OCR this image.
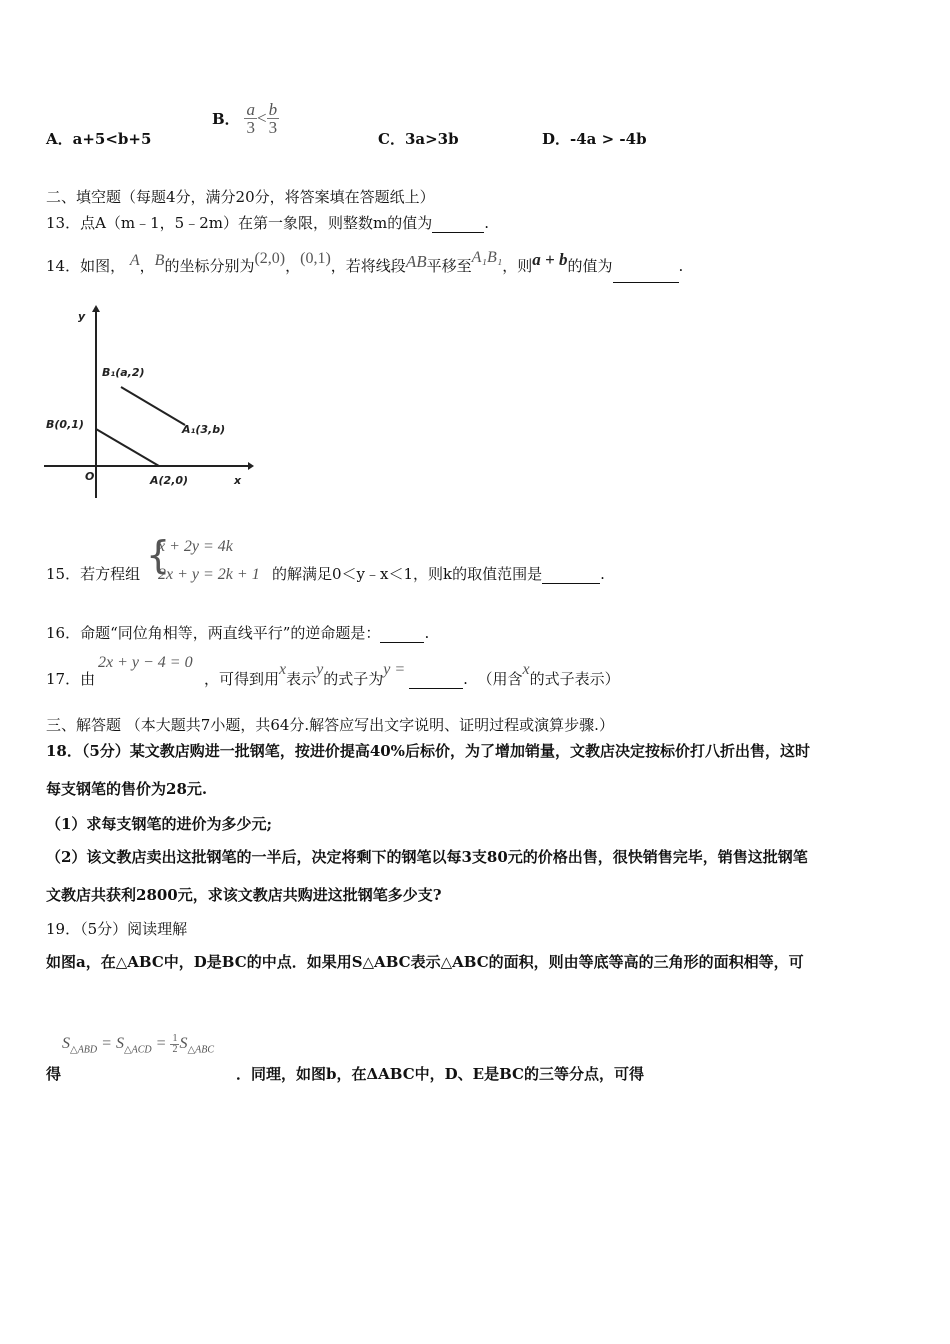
A．a+5<b+5
B． $\frac{a}{3} < \frac{b}{3}$
C．3a>3b	D．-4a > -4b
二、填空题（每题4分，满分20分，将答案填在答题纸上）
13．点A（m﹣1，5﹣2m）在第一象限，则整数m的值为	.
14．如图， A，B的坐标分别为(2,0)，(0,1)，若将线段AB平移至A₁B₁，则a + b的值为	.
y
x
O
B₁(a,2)
B(0,1)	A₁(3,b)
A(2,0)
15．若方程组 {
x + 2y = 4k
2x + y = 2k + 1 的解满足0＜y﹣x＜1，则k的取值范围是	.
16．命题“同位角相等，两直线平行”的逆命题是：	.
17．由
2x + y − 4 = 0
，可得到用x表示y的式子为y = . （用含x的式子表示）
三、解答题 （本大题共7小题，共64分.解答应写出文字说明、证明过程或演算步骤.）
18．（5分）某文教店购进一批钢笔，按进价提高40%后标价，为了增加销量，文教店决定按标价打八折出售，这时
每支钢笔的售价为28元.
（1）求每支钢笔的进价为多少元;
（2）该文教店卖出这批钢笔的一半后，决定将剩下的钢笔以每3支80元的价格出售，很快销售完毕，销售这批钢笔
文教店共获利2800元，求该文教店共购进这批钢笔多少支?
19．（5分）阅读理解
如图a，在△ABC中，D是BC的中点．如果用S△ABC表示△ABC的面积，则由等底等高的三角形的面积相等，可
$S_{\triangle ABD} = S_{\triangle ACD} = \frac{1}{2} S_{\triangle ABC}$
得	．同理，如图b，在ΔABC中，D、E是BC的三等分点，可得
